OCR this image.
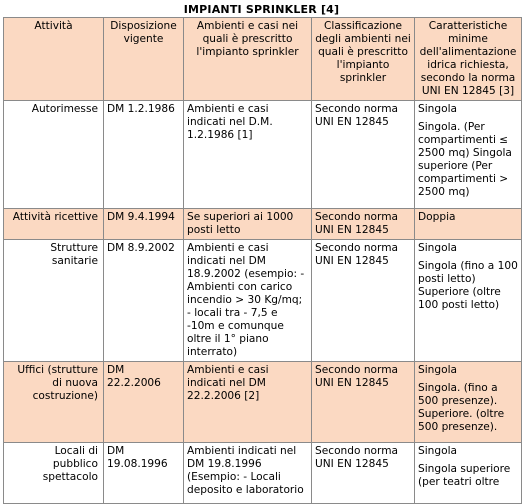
IMPIANTI SPRINKLER [4]
Attività	Disposizione vigente	Ambienti e casi nei quali è prescritto l'impianto sprinkler	Classificazione degli ambienti nei quali è prescritto l'impianto sprinkler	Caratteristiche minime dell'alimentazione idrica richiesta, secondo la norma UNI EN 12845 [3]
Autorimesse	DM 1.2.1986	Ambienti e casi indicati nel D.M. 1.2.1986 [1]	Secondo norma UNI EN 12845	Singola

Singola. (Per compartimenti ≤ 2500 mq) Singola superiore (Per compartimenti > 2500 mq)

Attività ricettive	DM 9.4.1994	Se superiori ai 1000 posti letto	Secondo norma UNI EN 12845	Doppia

Strutture sanitarie	DM 8.9.2002	Ambienti e casi indicati nel DM 18.9.2002 (esempio: - Ambienti con carico incendio > 30 Kg/mq; - locali tra - 7,5 e -10m e comunque oltre il 1° piano interrato)	Secondo norma UNI EN 12845	Singola

Singola (fino a 100 posti letto) Superiore (oltre 100 posti letto)

Uffici (strutture di nuova costruzione)	DM 22.2.2006	Ambienti e casi indicati nel DM 22.2.2006 [2]	Secondo norma UNI EN 12845	Singola

Singola. (fino a 500 presenze). Superiore. (oltre 500 presenze).

Locali di pubblico spettacolo	DM 19.08.1996	Ambienti indicati nel DM 19.8.1996 (Esempio: - Locali deposito e laboratorio	Secondo norma UNI EN 12845	Singola

Singola superiore (per teatri oltre
